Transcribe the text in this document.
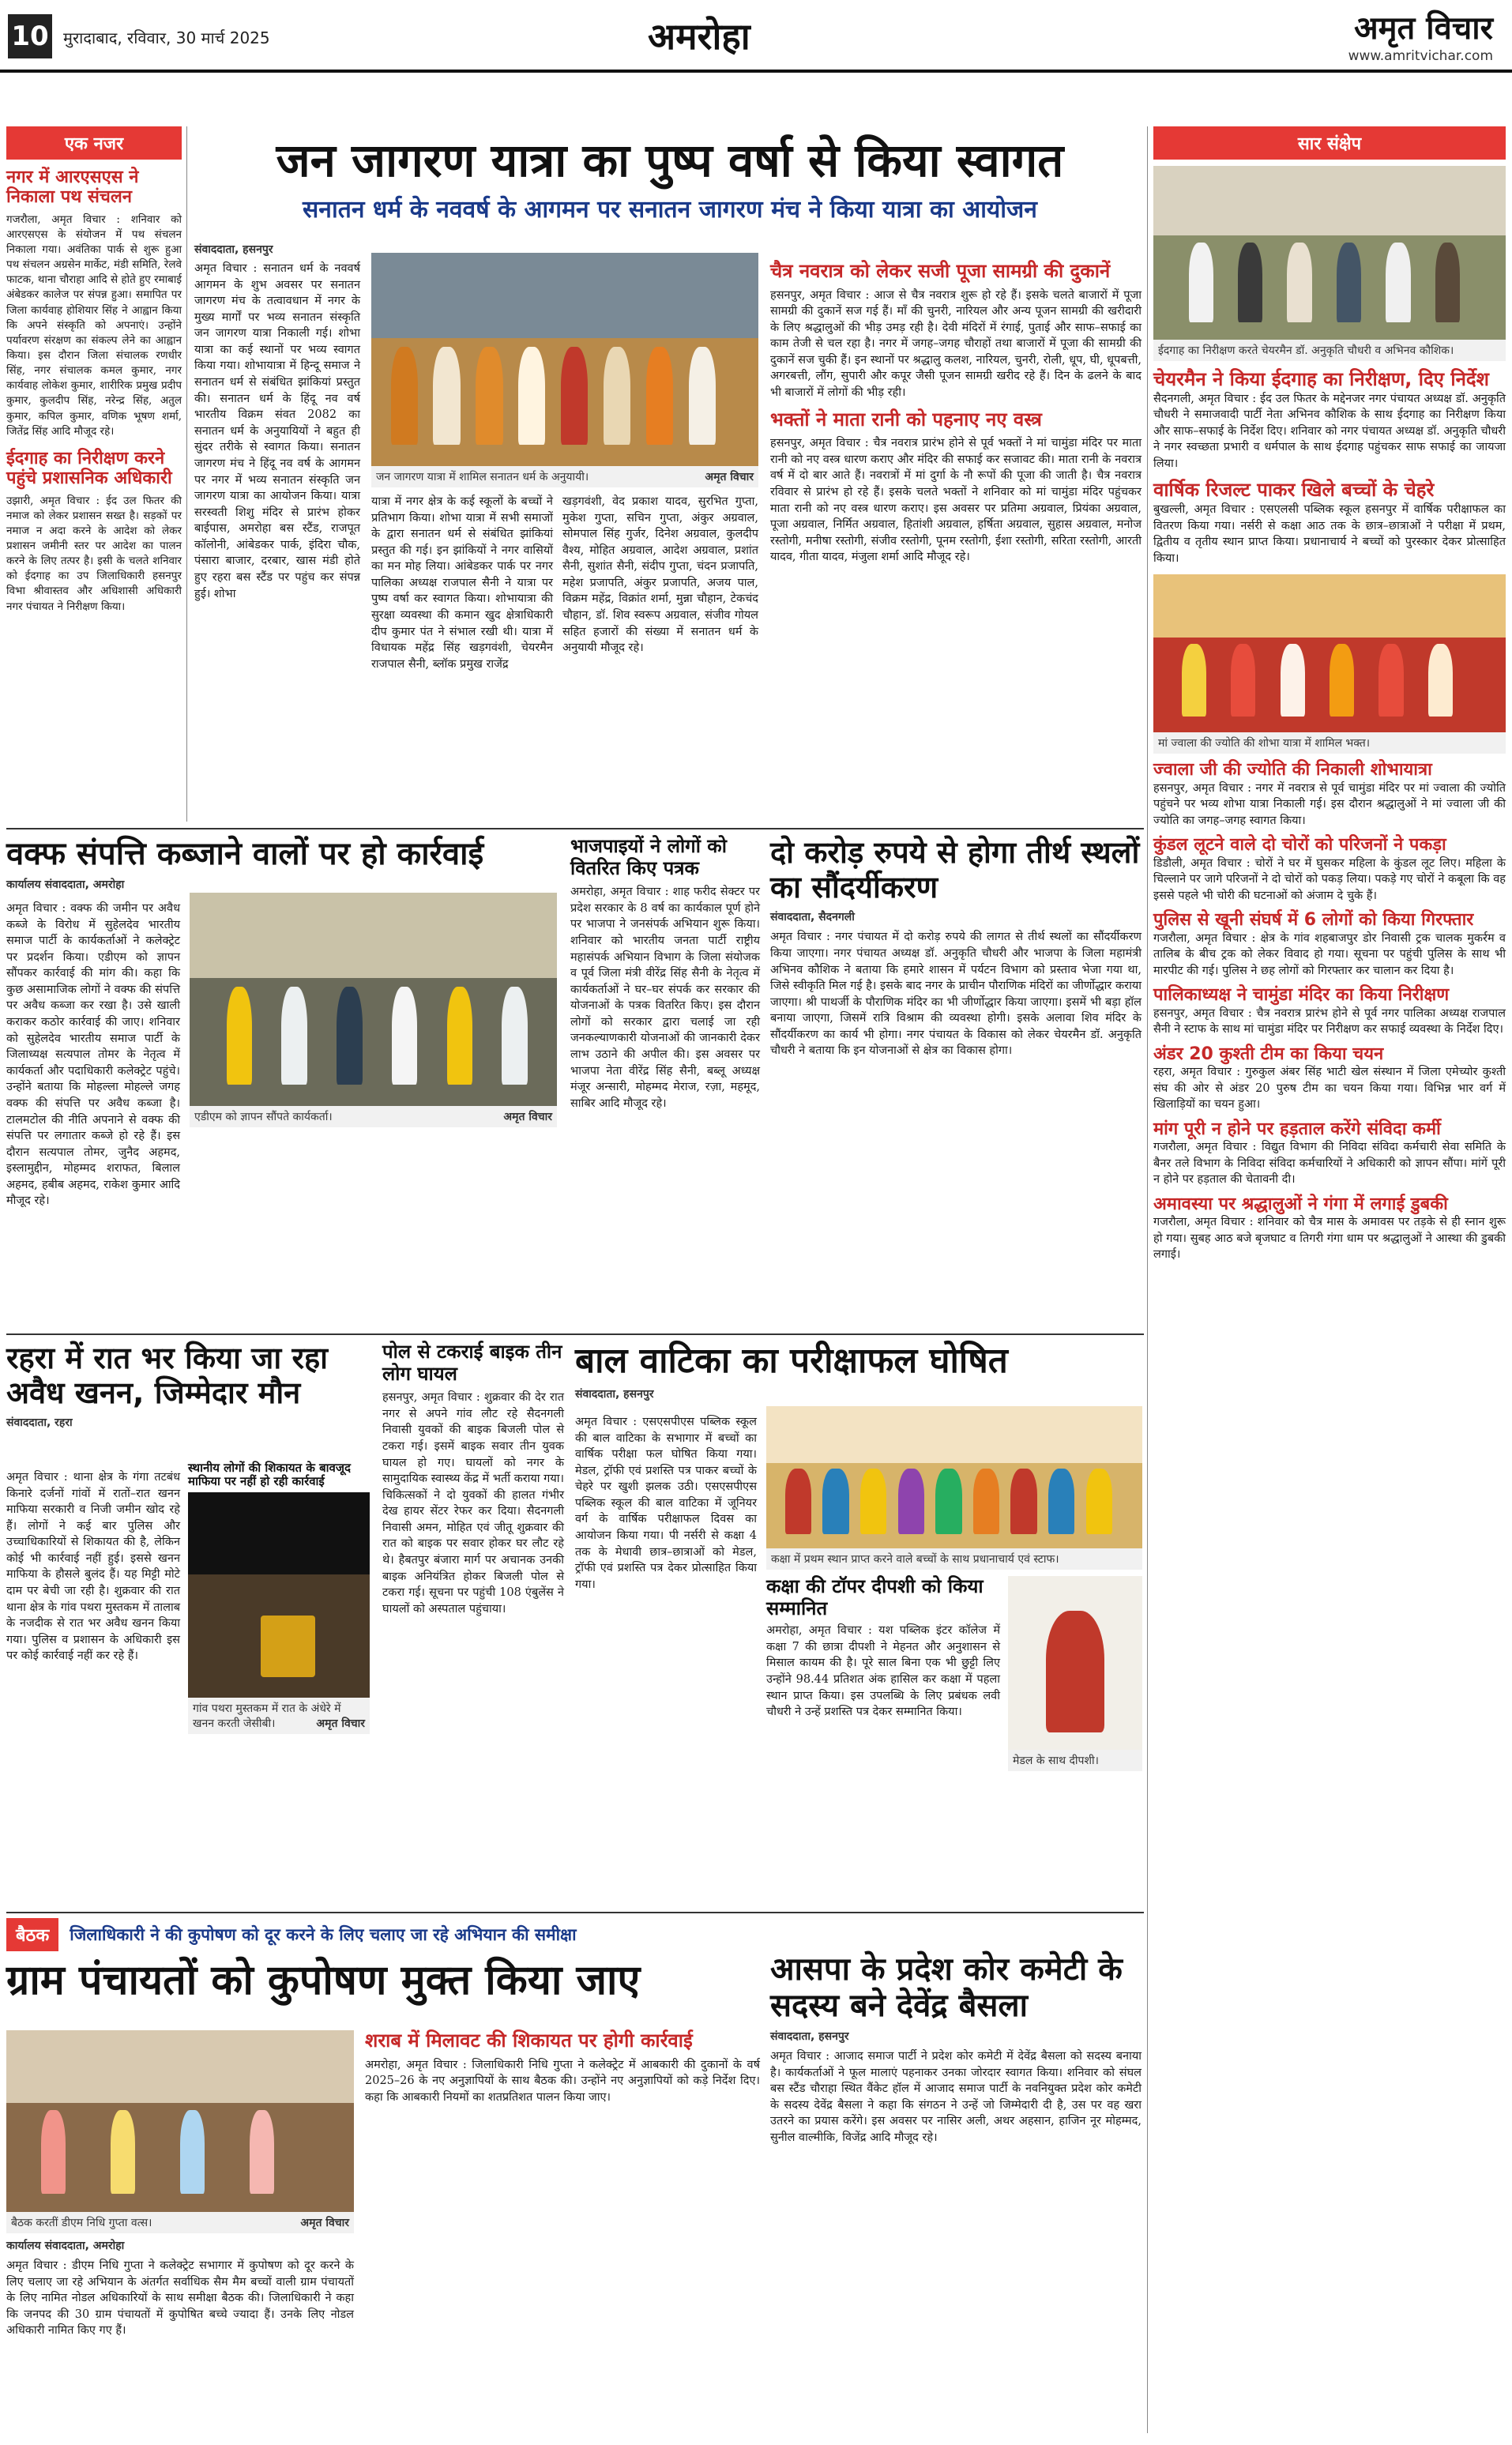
10 मुरादाबाद, रविवार, 30 मार्च 2025	अमरोहा	अमृत विचार
www.amritvichar.com
एक नजर
नगर में आरएसएस ने निकाला पथ संचलन
गजरौला, अमृत विचार : शनिवार को आरएसएस के संयोजन में पथ संचलन निकाला गया। अवंतिका पार्क से शुरू हुआ पथ संचलन अग्रसेन मार्केट, मंडी समिति, रेलवे फाटक, थाना चौराहा आदि से होते हुए रमाबाई अंबेडकर कालेज पर संपन्न हुआ। समापित पर जिला कार्यवाह होशियार सिंह ने आह्वान किया कि अपने संस्कृति को अपनाएं। उन्होंने पर्यावरण संरक्षण का संकल्प लेने का आह्वान किया। इस दौरान जिला संचालक रणधीर सिंह, नगर संचालक कमल कुमार, नगर कार्यवाह लोकेश कुमार, शारीरिक प्रमुख प्रदीप कुमार, कुलदीप सिंह, नरेन्द्र सिंह, अतुल कुमार, कपिल कुमार, वणिक भूषण शर्मा, जितेंद्र सिंह आदि मौजूद रहे।
ईदगाह का निरीक्षण करने पहुंचे प्रशासनिक अधिकारी
उझारी, अमृत विचार : ईद उल फितर की नमाज को लेकर प्रशासन सख्त है। सड़कों पर नमाज न अदा करने के आदेश को लेकर प्रशासन जमीनी स्तर पर आदेश का पालन करने के लिए तत्पर है। इसी के चलते शनिवार को ईदगाह का उप जिलाधिकारी हसनपुर विभा श्रीवास्तव और अधिशासी अधिकारी नगर पंचायत ने निरीक्षण किया।
जन जागरण यात्रा का पुष्प वर्षा से किया स्वागत
सनातन धर्म के नववर्ष के आगमन पर सनातन जागरण मंच ने किया यात्रा का आयोजन
संवाददाता, हसनपुर
अमृत विचार : सनातन धर्म के नववर्ष आगमन के शुभ अवसर पर सनातन जागरण मंच के तत्वावधान में नगर के मुख्य मार्गों पर भव्य सनातन संस्कृति जन जागरण यात्रा निकाली गई। शोभा यात्रा का कई स्थानों पर भव्य स्वागत किया गया। शोभायात्रा में हिन्दू समाज ने सनातन धर्म से संबंधित झांकियां प्रस्तुत की। सनातन धर्म के हिंदू नव वर्ष भारतीय विक्रम संवत 2082 का सनातन धर्म के अनुयायियों ने बहुत ही सुंदर तरीके से स्वागत किया। सनातन जागरण मंच ने हिंदू नव वर्ष के आगमन पर नगर में भव्य सनातन संस्कृति जन जागरण यात्रा का आयोजन किया। यात्रा सरस्वती शिशु मंदिर से प्रारंभ होकर बाईपास, अमरोहा बस स्टैंड, राजपूत कॉलोनी, आंबेडकर पार्क, इंदिरा चौक, पंसारा बाजार, दरबार, खास मंडी होते हुए रहरा बस स्टैंड पर पहुंच कर संपन्न हुई। शोभा
जन जागरण यात्रा में शामिल सनातन धर्म के अनुयायी।	अमृत विचार
यात्रा में नगर क्षेत्र के कई स्कूलों के बच्चों ने प्रतिभाग किया। शोभा यात्रा में सभी समाजों के द्वारा सनातन धर्म से संबंधित झांकियां प्रस्तुत की गई। इन झांकियों ने नगर वासियों का मन मोह लिया। आंबेडकर पार्क पर नगर पालिका अध्यक्ष राजपाल सैनी ने यात्रा पर पुष्प वर्षा कर स्वागत किया। शोभायात्रा की सुरक्षा व्यवस्था की कमान खुद क्षेत्राधिकारी दीप कुमार पंत ने संभाल रखी थी। यात्रा में विधायक महेंद्र सिंह खड़गवंशी, चेयरमैन राजपाल सैनी, ब्लॉक प्रमुख राजेंद्र
खड़गवंशी, वेद प्रकाश यादव, सुरभित गुप्ता, मुकेश गुप्ता, सचिन गुप्ता, अंकुर अग्रवाल, सोमपाल सिंह गुर्जर, दिनेश अग्रवाल, कुलदीप वैश्य, मोहित अग्रवाल, आदेश अग्रवाल, प्रशांत सैनी, सुशांत सैनी, संदीप गुप्ता, चंदन प्रजापति, महेश प्रजापति, अंकुर प्रजापति, अजय पाल, विक्रम महेंद्र, विक्रांत शर्मा, मुन्ना चौहान, टेकचंद चौहान, डॉ. शिव स्वरूप अग्रवाल, संजीव गोयल सहित हजारों की संख्या में सनातन धर्म के अनुयायी मौजूद रहे।
चैत्र नवरात्र को लेकर सजी पूजा सामग्री की दुकानें
हसनपुर, अमृत विचार : आज से चैत्र नवरात्र शुरू हो रहे हैं। इसके चलते बाजारों में पूजा सामग्री की दुकानें सज गई हैं। माँ की चुनरी, नारियल और अन्य पूजन सामग्री की खरीदारी के लिए श्रद्धालुओं की भीड़ उमड़ रही है। देवी मंदिरों में रंगाई, पुताई और साफ–सफाई का काम तेजी से चल रहा है। नगर में जगह–जगह चौराहों तथा बाजारों में पूजा की सामग्री की दुकानें सज चुकी हैं। इन स्थानों पर श्रद्धालु कलश, नारियल, चुनरी, रोली, धूप, घी, धूपबत्ती, अगरबत्ती, लौंग, सुपारी और कपूर जैसी पूजन सामग्री खरीद रहे हैं। दिन के ढलने के बाद भी बाजारों में लोगों की भीड़ रही।
भक्तों ने माता रानी को पहनाए नए वस्त्र
हसनपुर, अमृत विचार : चैत्र नवरात्र प्रारंभ होने से पूर्व भक्तों ने मां चामुंडा मंदिर पर माता रानी को नए वस्त्र धारण कराए और मंदिर की सफाई कर सजावट की। माता रानी के नवरात्र वर्ष में दो बार आते हैं। नवरात्रों में मां दुर्गा के नौ रूपों की पूजा की जाती है। चैत्र नवरात्र रविवार से प्रारंभ हो रहे हैं। इसके चलते भक्तों ने शनिवार को मां चामुंडा मंदिर पहुंचकर माता रानी को नए वस्त्र धारण कराए। इस अवसर पर प्रतिमा अग्रवाल, प्रियंका अग्रवाल, पूजा अग्रवाल, निर्मित अग्रवाल, हितांशी अग्रवाल, हर्षिता अग्रवाल, सुहास अग्रवाल, मनोज रस्तोगी, मनीषा रस्तोगी, संजीव रस्तोगी, पूनम रस्तोगी, ईशा रस्तोगी, सरिता रस्तोगी, आरती यादव, गीता यादव, मंजुला शर्मा आदि मौजूद रहे।
सार संक्षेप
ईदगाह का निरीक्षण करते चेयरमैन डॉ. अनुकृति चौधरी व अभिनव कौशिक।
चेयरमैन ने किया ईदगाह का निरीक्षण, दिए निर्देश
सैदनगली, अमृत विचार : ईद उल फितर के मद्देनजर नगर पंचायत अध्यक्ष डॉ. अनुकृति चौधरी ने समाजवादी पार्टी नेता अभिनव कौशिक के साथ ईदगाह का निरीक्षण किया और साफ–सफाई के निर्देश दिए। शनिवार को नगर पंचायत अध्यक्ष डॉ. अनुकृति चौधरी ने नगर स्वच्छता प्रभारी व धर्मपाल के साथ ईदगाह पहुंचकर साफ सफाई का जायजा लिया।
वार्षिक रिजल्ट पाकर खिले बच्चों के चेहरे
बुखल्ली, अमृत विचार : एसएलसी पब्लिक स्कूल हसनपुर में वार्षिक परीक्षाफल का वितरण किया गया। नर्सरी से कक्षा आठ तक के छात्र–छात्राओं ने परीक्षा में प्रथम, द्वितीय व तृतीय स्थान प्राप्त किया। प्रधानाचार्य ने बच्चों को पुरस्कार देकर प्रोत्साहित किया।
मां ज्वाला की ज्योति की शोभा यात्रा में शामिल भक्त।
ज्वाला जी की ज्योति की निकाली शोभायात्रा
हसनपुर, अमृत विचार : नगर में नवरात्र से पूर्व चामुंडा मंदिर पर मां ज्वाला की ज्योति पहुंचने पर भव्य शोभा यात्रा निकाली गई। इस दौरान श्रद्धालुओं ने मां ज्वाला जी की ज्योति का जगह–जगह स्वागत किया।
कुंडल लूटने वाले दो चोरों को परिजनों ने पकड़ा
डिडौली, अमृत विचार : चोरों ने घर में घुसकर महिला के कुंडल लूट लिए। महिला के चिल्लाने पर जागे परिजनों ने दो चोरों को पकड़ लिया। पकड़े गए चोरों ने कबूला कि वह इससे पहले भी चोरी की घटनाओं को अंजाम दे चुके हैं।
पुलिस से खूनी संघर्ष में 6 लोगों को किया गिरफ्तार
गजरौला, अमृत विचार : क्षेत्र के गांव शहबाजपुर डोर निवासी ट्रक चालक मुकर्रम व तालिब के बीच ट्रक को लेकर विवाद हो गया। सूचना पर पहुंची पुलिस के साथ भी मारपीट की गई। पुलिस ने छह लोगों को गिरफ्तार कर चालान कर दिया है।
पालिकाध्यक्ष ने चामुंडा मंदिर का किया निरीक्षण
हसनपुर, अमृत विचार : चैत्र नवरात्र प्रारंभ होने से पूर्व नगर पालिका अध्यक्ष राजपाल सैनी ने स्टाफ के साथ मां चामुंडा मंदिर पर निरीक्षण कर सफाई व्यवस्था के निर्देश दिए।
अंडर 20 कुश्ती टीम का किया चयन
रहरा, अमृत विचार : गुरुकुल अंबर सिंह भाटी खेल संस्थान में जिला एमेच्योर कुश्ती संघ की ओर से अंडर 20 पुरुष टीम का चयन किया गया। विभिन्न भार वर्ग में खिलाड़ियों का चयन हुआ।
मांग पूरी न होने पर हड़ताल करेंगे संविदा कर्मी
गजरौला, अमृत विचार : विद्युत विभाग की निविदा संविदा कर्मचारी सेवा समिति के बैनर तले विभाग के निविदा संविदा कर्मचारियों ने अधिकारी को ज्ञापन सौंपा। मांगें पूरी न होने पर हड़ताल की चेतावनी दी।
अमावस्या पर श्रद्धालुओं ने गंगा में लगाई डुबकी
गजरौला, अमृत विचार : शनिवार को चैत्र मास के अमावस पर तड़के से ही स्नान शुरू हो गया। सुबह आठ बजे बृजघाट व तिगरी गंगा धाम पर श्रद्धालुओं ने आस्था की डुबकी लगाई।
वक्फ संपत्ति कब्जाने वालों पर हो कार्रवाई
कार्यालय संवाददाता, अमरोहा
अमृत विचार : वक्फ की जमीन पर अवैध कब्जे के विरोध में सुहेलदेव भारतीय समाज पार्टी के कार्यकर्ताओं ने कलेक्ट्रेट पर प्रदर्शन किया। एडीएम को ज्ञापन सौंपकर कार्रवाई की मांग की। कहा कि कुछ असामाजिक लोगों ने वक्फ की संपत्ति पर अवैध कब्जा कर रखा है। उसे खाली कराकर कठोर कार्रवाई की जाए। शनिवार को सुहेलदेव भारतीय समाज पार्टी के जिलाध्यक्ष सत्यपाल तोमर के नेतृत्व में कार्यकर्ता और पदाधिकारी कलेक्ट्रेट पहुंचे। उन्होंने बताया कि मोहल्ला मोहल्ले जगह वक्फ की संपत्ति पर अवैध कब्जा है। टालमटोल की नीति अपनाने से वक्फ की संपत्ति पर लगातार कब्जे हो रहे हैं। इस दौरान सत्यपाल तोमर, जुनैद अहमद, इस्लामुद्दीन, मोहम्मद शराफत, बिलाल अहमद, हबीब अहमद, राकेश कुमार आदि मौजूद रहे।
एडीएम को ज्ञापन सौंपते कार्यकर्ता।	अमृत विचार
भाजपाइयों ने लोगों को वितरित किए पत्रक
अमरोहा, अमृत विचार : शाह फरीद सेक्टर पर प्रदेश सरकार के 8 वर्ष का कार्यकाल पूर्ण होने पर भाजपा ने जनसंपर्क अभियान शुरू किया। शनिवार को भारतीय जनता पार्टी राष्ट्रीय महासंपर्क अभियान विभाग के जिला संयोजक व पूर्व जिला मंत्री वीरेंद्र सिंह सैनी के नेतृत्व में कार्यकर्ताओं ने घर–घर संपर्क कर सरकार की योजनाओं के पत्रक वितरित किए। इस दौरान लोगों को सरकार द्वारा चलाई जा रही जनकल्याणकारी योजनाओं की जानकारी देकर लाभ उठाने की अपील की। इस अवसर पर भाजपा नेता वीरेंद्र सिंह सैनी, बब्लू अध्यक्ष मंजूर अन्सारी, मोहम्मद मेराज, रज़ा, महमूद, साबिर आदि मौजूद रहे।
दो करोड़ रुपये से होगा तीर्थ स्थलों का सौंदर्यीकरण
संवाददाता, सैदनगली
अमृत विचार : नगर पंचायत में दो करोड़ रुपये की लागत से तीर्थ स्थलों का सौंदर्यीकरण किया जाएगा। नगर पंचायत अध्यक्ष डॉ. अनुकृति चौधरी और भाजपा के जिला महामंत्री अभिनव कौशिक ने बताया कि हमारे शासन में पर्यटन विभाग को प्रस्ताव भेजा गया था, जिसे स्वीकृति मिल गई है। इसके बाद नगर के प्राचीन पौराणिक मंदिरों का जीर्णोद्धार कराया जाएगा। श्री पाथर्जी के पौराणिक मंदिर का भी जीर्णोद्धार किया जाएगा। इसमें भी बड़ा हॉल बनाया जाएगा, जिसमें रात्रि विश्राम की व्यवस्था होगी। इसके अलावा शिव मंदिर के सौंदर्यीकरण का कार्य भी होगा। नगर पंचायत के विकास को लेकर चेयरमैन डॉ. अनुकृति चौधरी ने बताया कि इन योजनाओं से क्षेत्र का विकास होगा।
रहरा में रात भर किया जा रहा अवैध खनन, जिम्मेदार मौन
संवाददाता, रहरा
अमृत विचार : थाना क्षेत्र के गंगा तटबंध किनारे दर्जनों गांवों में रातों–रात खनन माफिया सरकारी व निजी जमीन खोद रहे हैं। लोगों ने कई बार पुलिस और उच्चाधिकारियों से शिकायत की है, लेकिन कोई भी कार्रवाई नहीं हुई। इससे खनन माफिया के हौसले बुलंद हैं। यह मिट्टी मोटे दाम पर बेची जा रही है। शुक्रवार की रात थाना क्षेत्र के गांव पथरा मुस्तकम में तालाब के नजदीक से रात भर अवैध खनन किया गया। पुलिस व प्रशासन के अधिकारी इस पर कोई कार्रवाई नहीं कर रहे हैं।
स्थानीय लोगों की शिकायत के बावजूद माफिया पर नहीं हो रही कार्रवाई
गांव पथरा मुस्तकम में रात के अंधेरे में खनन करती जेसीबी।	अमृत विचार
पोल से टकराई बाइक तीन लोग घायल
हसनपुर, अमृत विचार : शुक्रवार की देर रात नगर से अपने गांव लौट रहे सैदनगली निवासी युवकों की बाइक बिजली पोल से टकरा गई। इसमें बाइक सवार तीन युवक घायल हो गए। घायलों को नगर के सामुदायिक स्वास्थ्य केंद्र में भर्ती कराया गया। चिकित्सकों ने दो युवकों की हालत गंभीर देख हायर सेंटर रेफर कर दिया। सैदनगली निवासी अमन, मोहित एवं जीतू शुक्रवार की रात को बाइक पर सवार होकर घर लौट रहे थे। हैबतपुर बंजारा मार्ग पर अचानक उनकी बाइक अनियंत्रित होकर बिजली पोल से टकरा गई। सूचना पर पहुंची 108 एंबुलेंस ने घायलों को अस्पताल पहुंचाया।
बाल वाटिका का परीक्षाफल घोषित
संवाददाता, हसनपुर
अमृत विचार : एसएसपीएस पब्लिक स्कूल की बाल वाटिका के सभागार में बच्चों का वार्षिक परीक्षा फल घोषित किया गया। मेडल, ट्रॉफी एवं प्रशस्ति पत्र पाकर बच्चों के चेहरे पर खुशी झलक उठी। एसएसपीएस पब्लिक स्कूल की बाल वाटिका में जूनियर वर्ग के वार्षिक परीक्षाफल दिवस का आयोजन किया गया। पी नर्सरी से कक्षा 4 तक के मेधावी छात्र–छात्राओं को मेडल, ट्रॉफी एवं प्रशस्ति पत्र देकर प्रोत्साहित किया गया।
कक्षा में प्रथम स्थान प्राप्त करने वाले बच्चों के साथ प्रधानाचार्य एवं स्टाफ।
कक्षा की टॉपर दीपशी को किया सम्मानित
अमरोहा, अमृत विचार : यश पब्लिक इंटर कॉलेज में कक्षा 7 की छात्रा दीपशी ने मेहनत और अनुशासन से मिसाल कायम की है। पूरे साल बिना एक भी छुट्टी लिए उन्होंने 98.44 प्रतिशत अंक हासिल कर कक्षा में पहला स्थान प्राप्त किया। इस उपलब्धि के लिए प्रबंधक लवी चौधरी ने उन्हें प्रशस्ति पत्र देकर सम्मानित किया।
मेडल के साथ दीपशी।
बैठक	जिलाधिकारी ने की कुपोषण को दूर करने के लिए चलाए जा रहे अभियान की समीक्षा
ग्राम पंचायतों को कुपोषण मुक्त किया जाए
बैठक करतीं डीएम निधि गुप्ता वत्स।	अमृत विचार
कार्यालय संवाददाता, अमरोहा
अमृत विचार : डीएम निधि गुप्ता ने कलेक्ट्रेट सभागार में कुपोषण को दूर करने के लिए चलाए जा रहे अभियान के अंतर्गत सर्वाधिक सैम मैम बच्चों वाली ग्राम पंचायतों के लिए नामित नोडल अधिकारियों के साथ समीक्षा बैठक की। जिलाधिकारी ने कहा कि जनपद की 30 ग्राम पंचायतों में कुपोषित बच्चे ज्यादा हैं। उनके लिए नोडल अधिकारी नामित किए गए हैं।
शराब में मिलावट की शिकायत पर होगी कार्रवाई
अमरोहा, अमृत विचार : जिलाधिकारी निधि गुप्ता ने कलेक्ट्रेट में आबकारी की दुकानों के वर्ष 2025–26 के नए अनुज्ञापियों के साथ बैठक की। उन्होंने नए अनुज्ञापियों को कड़े निर्देश दिए। कहा कि आबकारी नियमों का शतप्रतिशत पालन किया जाए।
आसपा के प्रदेश कोर कमेटी के सदस्य बने देवेंद्र बैसला
संवाददाता, हसनपुर
अमृत विचार : आजाद समाज पार्टी ने प्रदेश कोर कमेटी में देवेंद्र बैसला को सदस्य बनाया है। कार्यकर्ताओं ने फूल मालाएं पहनाकर उनका जोरदार स्वागत किया। शनिवार को संघल बस स्टैंड चौराहा स्थित वैंकेट हॉल में आजाद समाज पार्टी के नवनियुक्त प्रदेश कोर कमेटी के सदस्य देवेंद्र बैसला ने कहा कि संगठन ने उन्हें जो जिम्मेदारी दी है, उस पर वह खरा उतरने का प्रयास करेंगे। इस अवसर पर नासिर अली, अथर अहसान, हाजिन नूर मोहम्मद, सुनील वाल्मीकि, विजेंद्र आदि मौजूद रहे।
